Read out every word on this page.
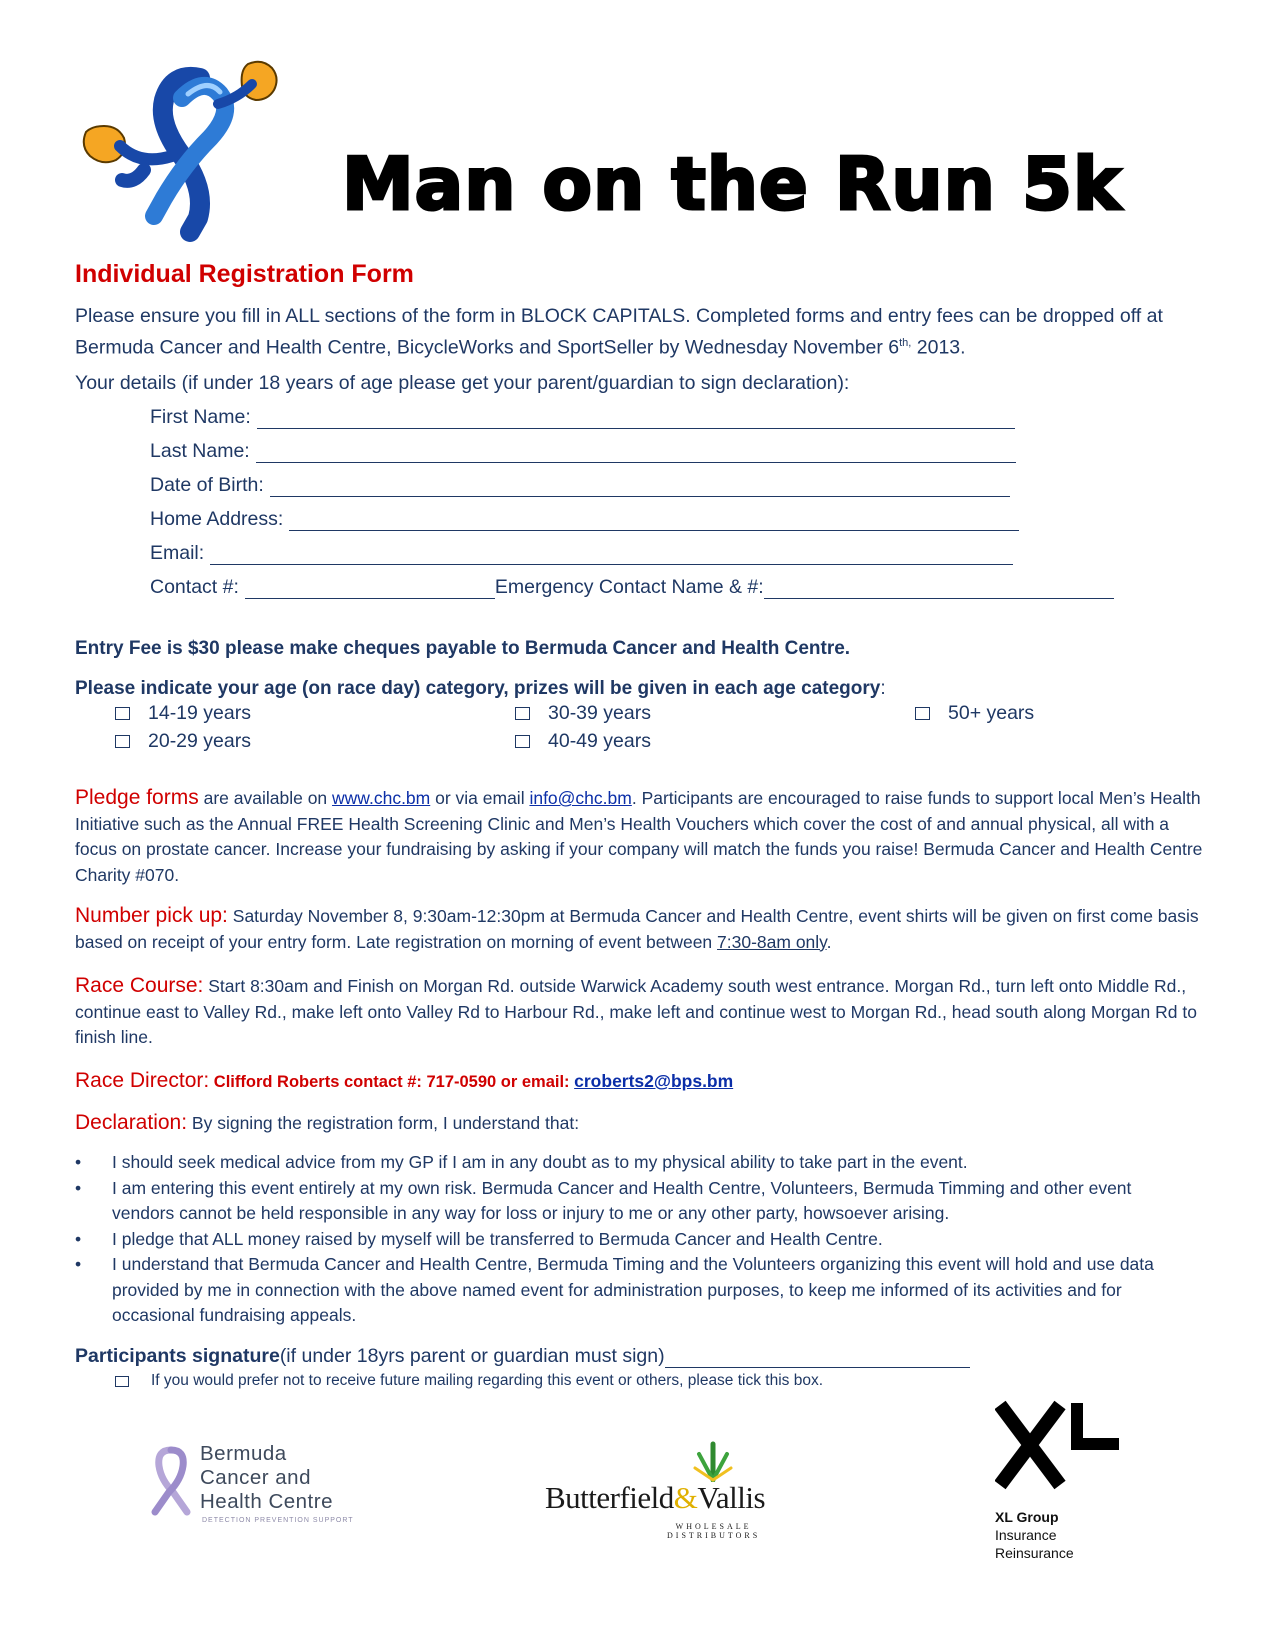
Man on the Run 5k
Individual Registration Form

Please ensure you fill in ALL sections of the form in BLOCK CAPITALS. Completed forms and entry fees can be dropped off at Bermuda Cancer and Health Centre, BicycleWorks and SportSeller by Wednesday November $6^{th,}$ 2013.

Your details (if under 18 years of age please get your parent/guardian to sign declaration):
First Name:
Last Name:
Date of Birth:
Home Address:
Email:
Contact #:	Emergency Contact Name & #:
Entry Fee is $30 please make cheques payable to Bermuda Cancer and Health Centre.
Please indicate your age (on race day) category, prizes will be given in each age category:
14-19 years
20-29 years
30-39 years
40-49 years
50+ years

Pledge forms are available on www.chc.bm or via email info@chc.bm. Participants are encouraged to raise funds to support local Men’s Health Initiative such as the Annual FREE Health Screening Clinic and Men’s Health Vouchers which cover the cost of and annual physical, all with a focus on prostate cancer. Increase your fundraising by asking if your company will match the funds you raise! Bermuda Cancer and Health Centre Charity #070.

Number pick up: Saturday November 8, 9:30am-12:30pm at Bermuda Cancer and Health Centre, event shirts will be given on first come basis based on receipt of your entry form. Late registration on morning of event between 7:30-8am only.

Race Course: Start 8:30am and Finish on Morgan Rd. outside Warwick Academy south west entrance. Morgan Rd., turn left onto Middle Rd., continue east to Valley Rd., make left onto Valley Rd to Harbour Rd., make left and continue west to Morgan Rd., head south along Morgan Rd to finish line.

Race Director: Clifford Roberts contact #: 717-0590 or email: croberts2@bps.bm

Declaration: By signing the registration form, I understand that:

• I should seek medical advice from my GP if I am in any doubt as to my physical ability to take part in the event.
• I am entering this event entirely at my own risk. Bermuda Cancer and Health Centre, Volunteers, Bermuda Timming and other event vendors cannot be held responsible in any way for loss or injury to me or any other party, howsoever arising.
• I pledge that ALL money raised by myself will be transferred to Bermuda Cancer and Health Centre.
• I understand that Bermuda Cancer and Health Centre, Bermuda Timing and the Volunteers organizing this event will hold and use data provided by me in connection with the above named event for administration purposes, to keep me informed of its activities and for occasional fundraising appeals.
Participants signature (if under 18yrs parent or guardian must sign)
If you would prefer not to receive future mailing regarding this event or others, please tick this box.
Bermuda
Cancer and
Health Centre
DETECTION PREVENTION SUPPORT
Butterfield&Vallis
WHOLESALE
DISTRIBUTORS
XL Group
Insurance
Reinsurance
